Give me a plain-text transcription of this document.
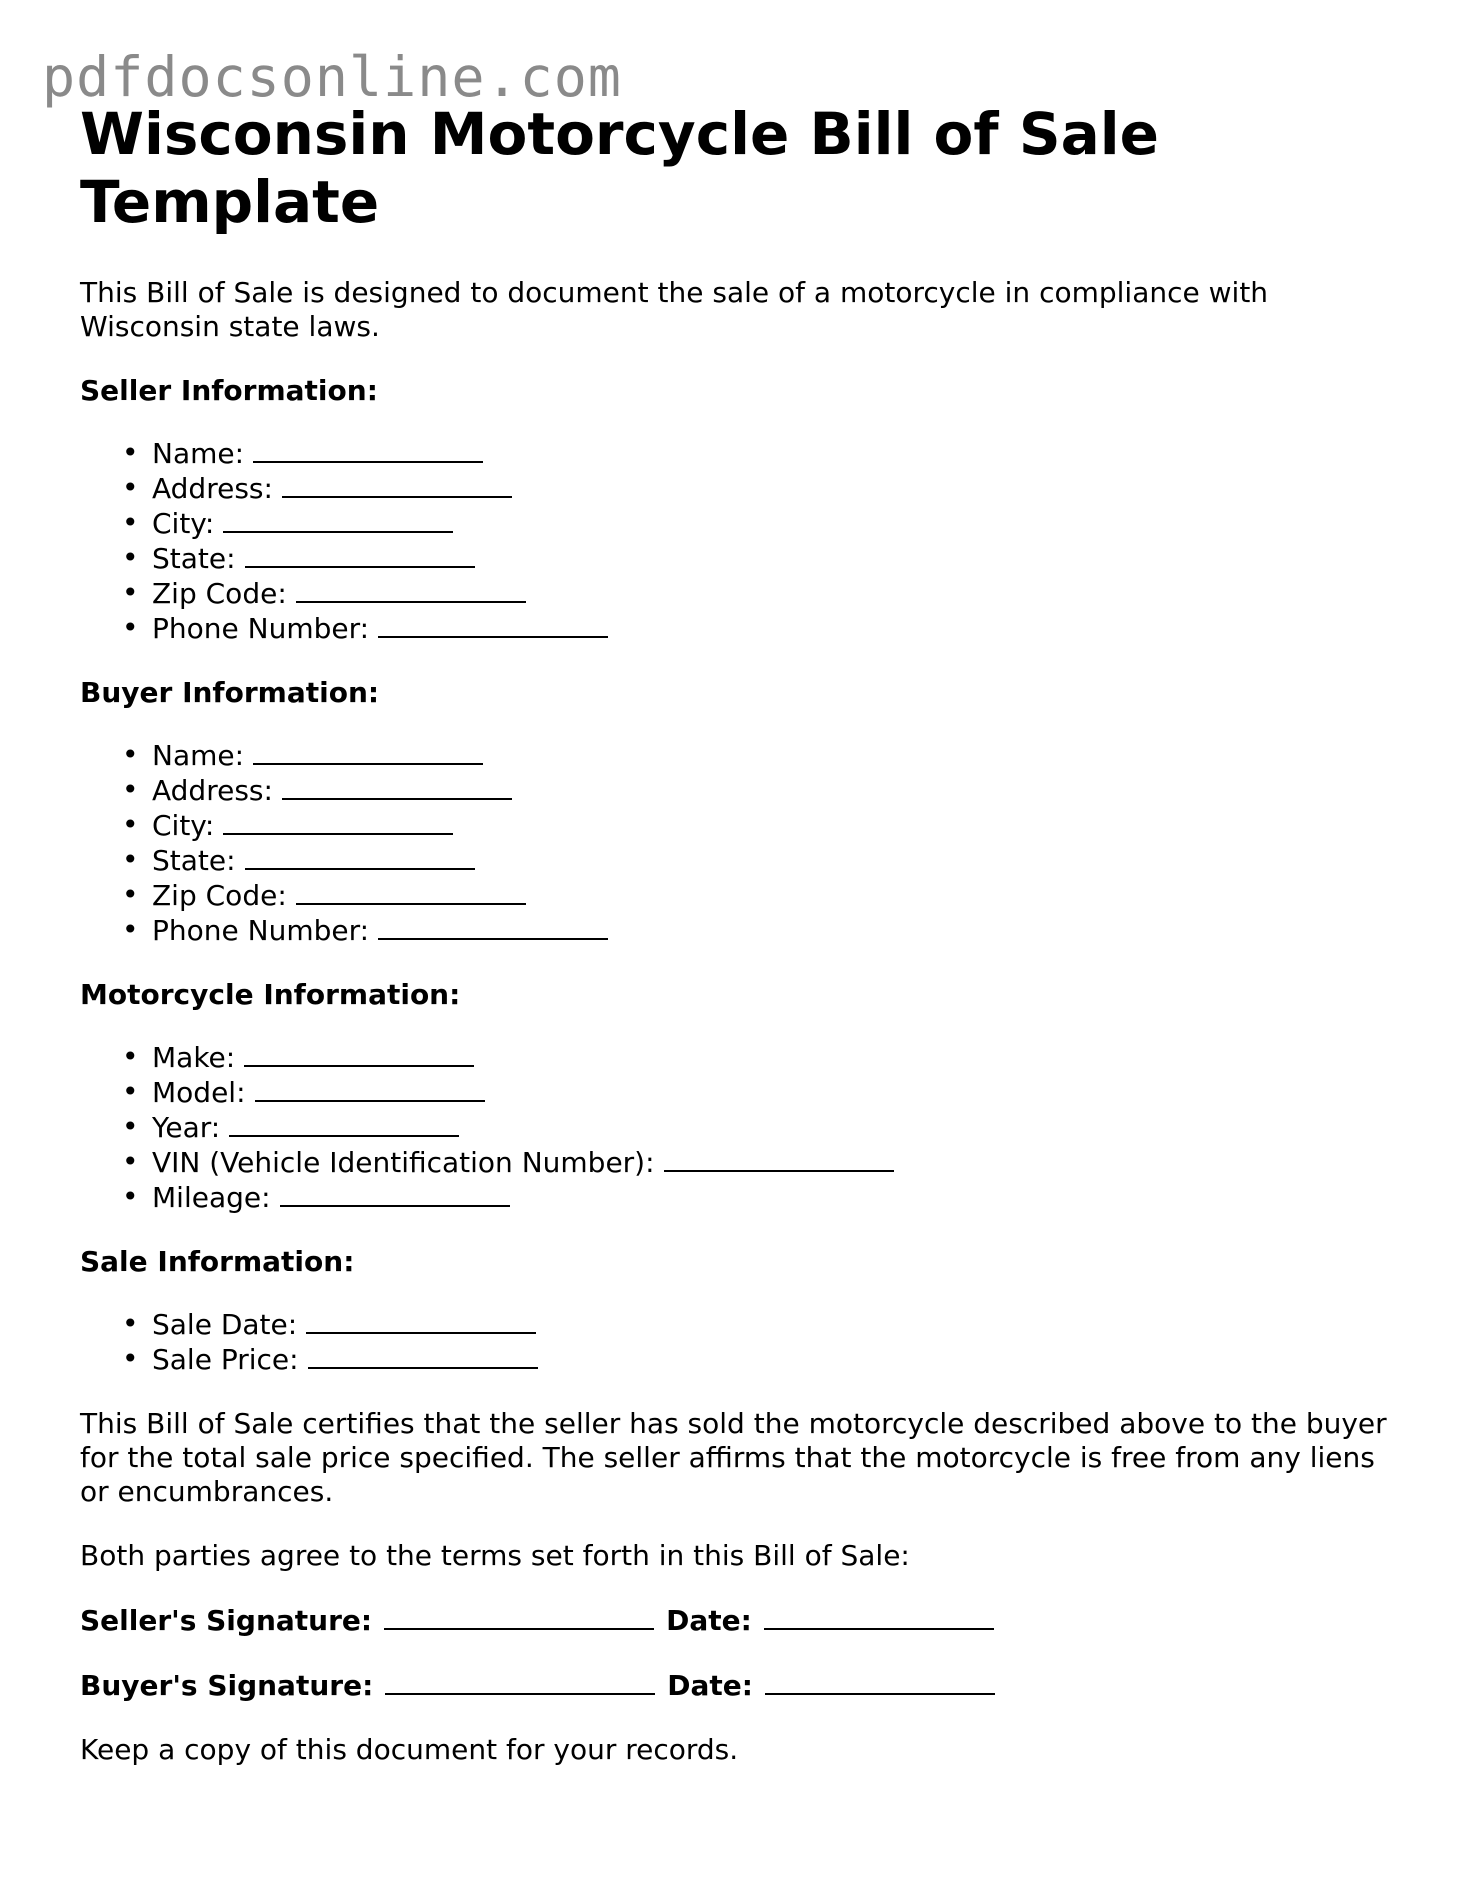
pdfdocsonline.com
Wisconsin Motorcycle Bill of Sale Template

This Bill of Sale is designed to document the sale of a motorcycle in compliance with Wisconsin state laws.

Seller Information:

• Name:
• Address:
• City:
• State:
• Zip Code:
• Phone Number:

Buyer Information:

• Name:
• Address:
• City:
• State:
• Zip Code:
• Phone Number:

Motorcycle Information:

• Make:
• Model:
• Year:
• VIN (Vehicle Identification Number):
• Mileage:

Sale Information:

• Sale Date:
• Sale Price:

This Bill of Sale certifies that the seller has sold the motorcycle described above to the buyer for the total sale price specified. The seller affirms that the motorcycle is free from any liens or encumbrances.

Both parties agree to the terms set forth in this Bill of Sale:

Seller's Signature:	Date:
Buyer's Signature:	Date:

Keep a copy of this document for your records.
